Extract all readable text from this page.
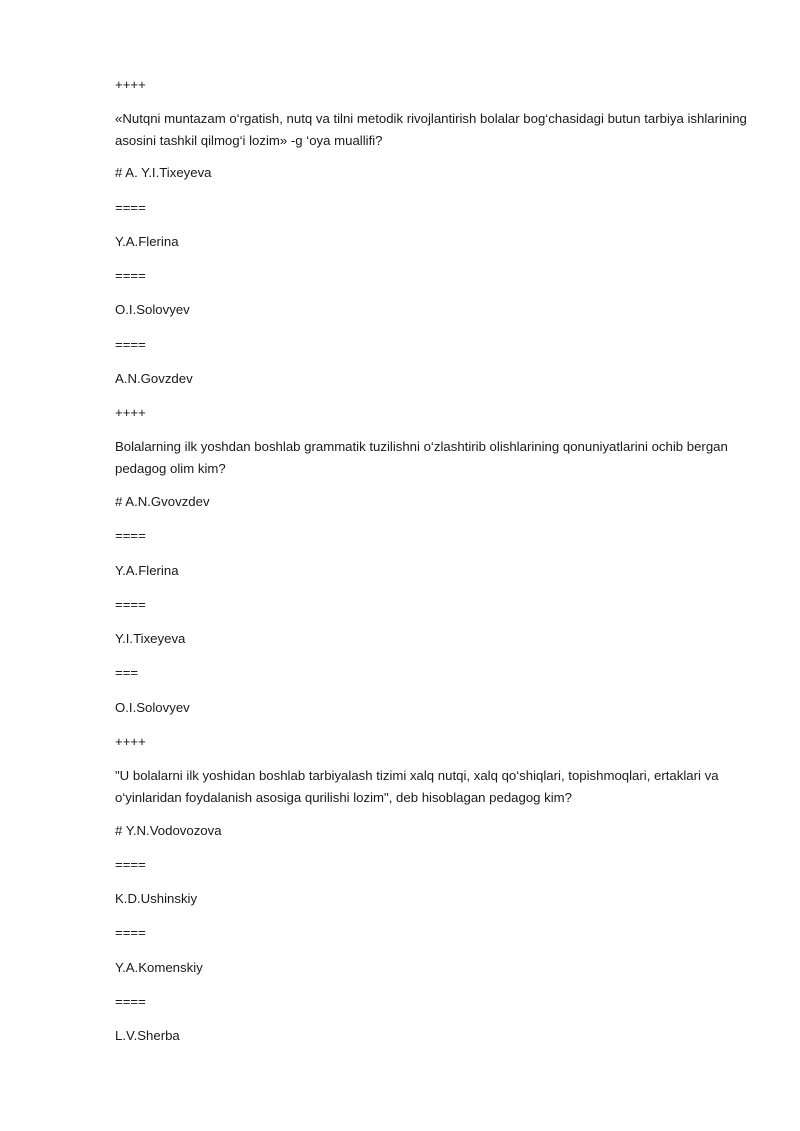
++++
«Nutqni muntazam o‘rgatish, nutq va tilni metodik rivojlantirish bolalar bog‘chasidagi butun tarbiya ishlarining asosini tashkil qilmog‘i lozim» -g ‘oya muallifi?
# A. Y.I.Tixeyeva
====
Y.A.Flerina
====
O.I.Solovyev
====
A.N.Govzdev
++++
Bolalarning ilk yoshdan boshlab grammatik tuzilishni o‘zlashtirib olishlarining qonuniyatlarini ochib bergan pedagog olim kim?
# A.N.Gvovzdev
====
Y.A.Flerina
====
Y.I.Tixeyeva
===
O.I.Solovyev
++++
"U bolalarni ilk yoshidan boshlab tarbiyalash tizimi xalq nutqi, xalq qo‘shiqlari, topishmoqlari, ertaklari va o‘yinlaridan foydalanish asosiga qurilishi lozim", deb hisoblagan pedagog kim?
# Y.N.Vodovozova
====
K.D.Ushinskiy
====
Y.A.Komenskiy
====
L.V.Sherba
